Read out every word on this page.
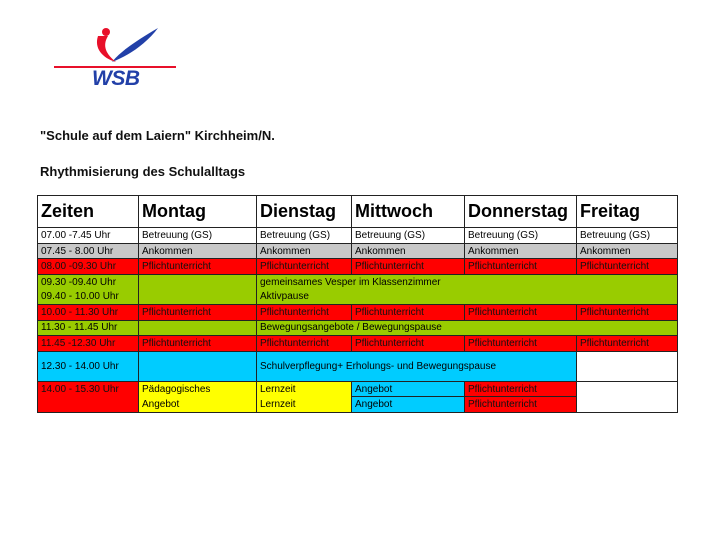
WSB
"Schule auf dem Laiern" Kirchheim/N.
Rhythmisierung des Schulalltags
Zeiten	Montag	Dienstag	Mittwoch	Donnerstag	Freitag
07.00 -7.45 Uhr	Betreuung (GS)	Betreuung (GS)	Betreuung (GS)	Betreuung (GS)	Betreuung (GS)
07.45 - 8.00 Uhr	Ankommen	Ankommen	Ankommen	Ankommen	Ankommen
08.00 -09.30 Uhr	Pflichtunterricht	Pflichtunterricht	Pflichtunterricht	Pflichtunterricht	Pflichtunterricht
09.30 -09.40 Uhr		gemeinsames Vesper im Klassenzimmer			
09.40 - 10.00 Uhr		Aktivpause			
10.00 - 11.30 Uhr	Pflichtunterricht	Pflichtunterricht	Pflichtunterricht	Pflichtunterricht	Pflichtunterricht
11.30 - 11.45 Uhr		Bewegungsangebote / Bewegungspause			
11.45 -12.30 Uhr	Pflichtunterricht	Pflichtunterricht	Pflichtunterricht	Pflichtunterricht	Pflichtunterricht
12.30 - 14.00 Uhr		Schulverpflegung+ Erholungs- und Bewegungspause			
14.00 - 15.30 Uhr	Pädagogisches	Lernzeit	Angebot	Pflichtunterricht	
	Angebot	Lernzeit	Angebot	Pflichtunterricht	
